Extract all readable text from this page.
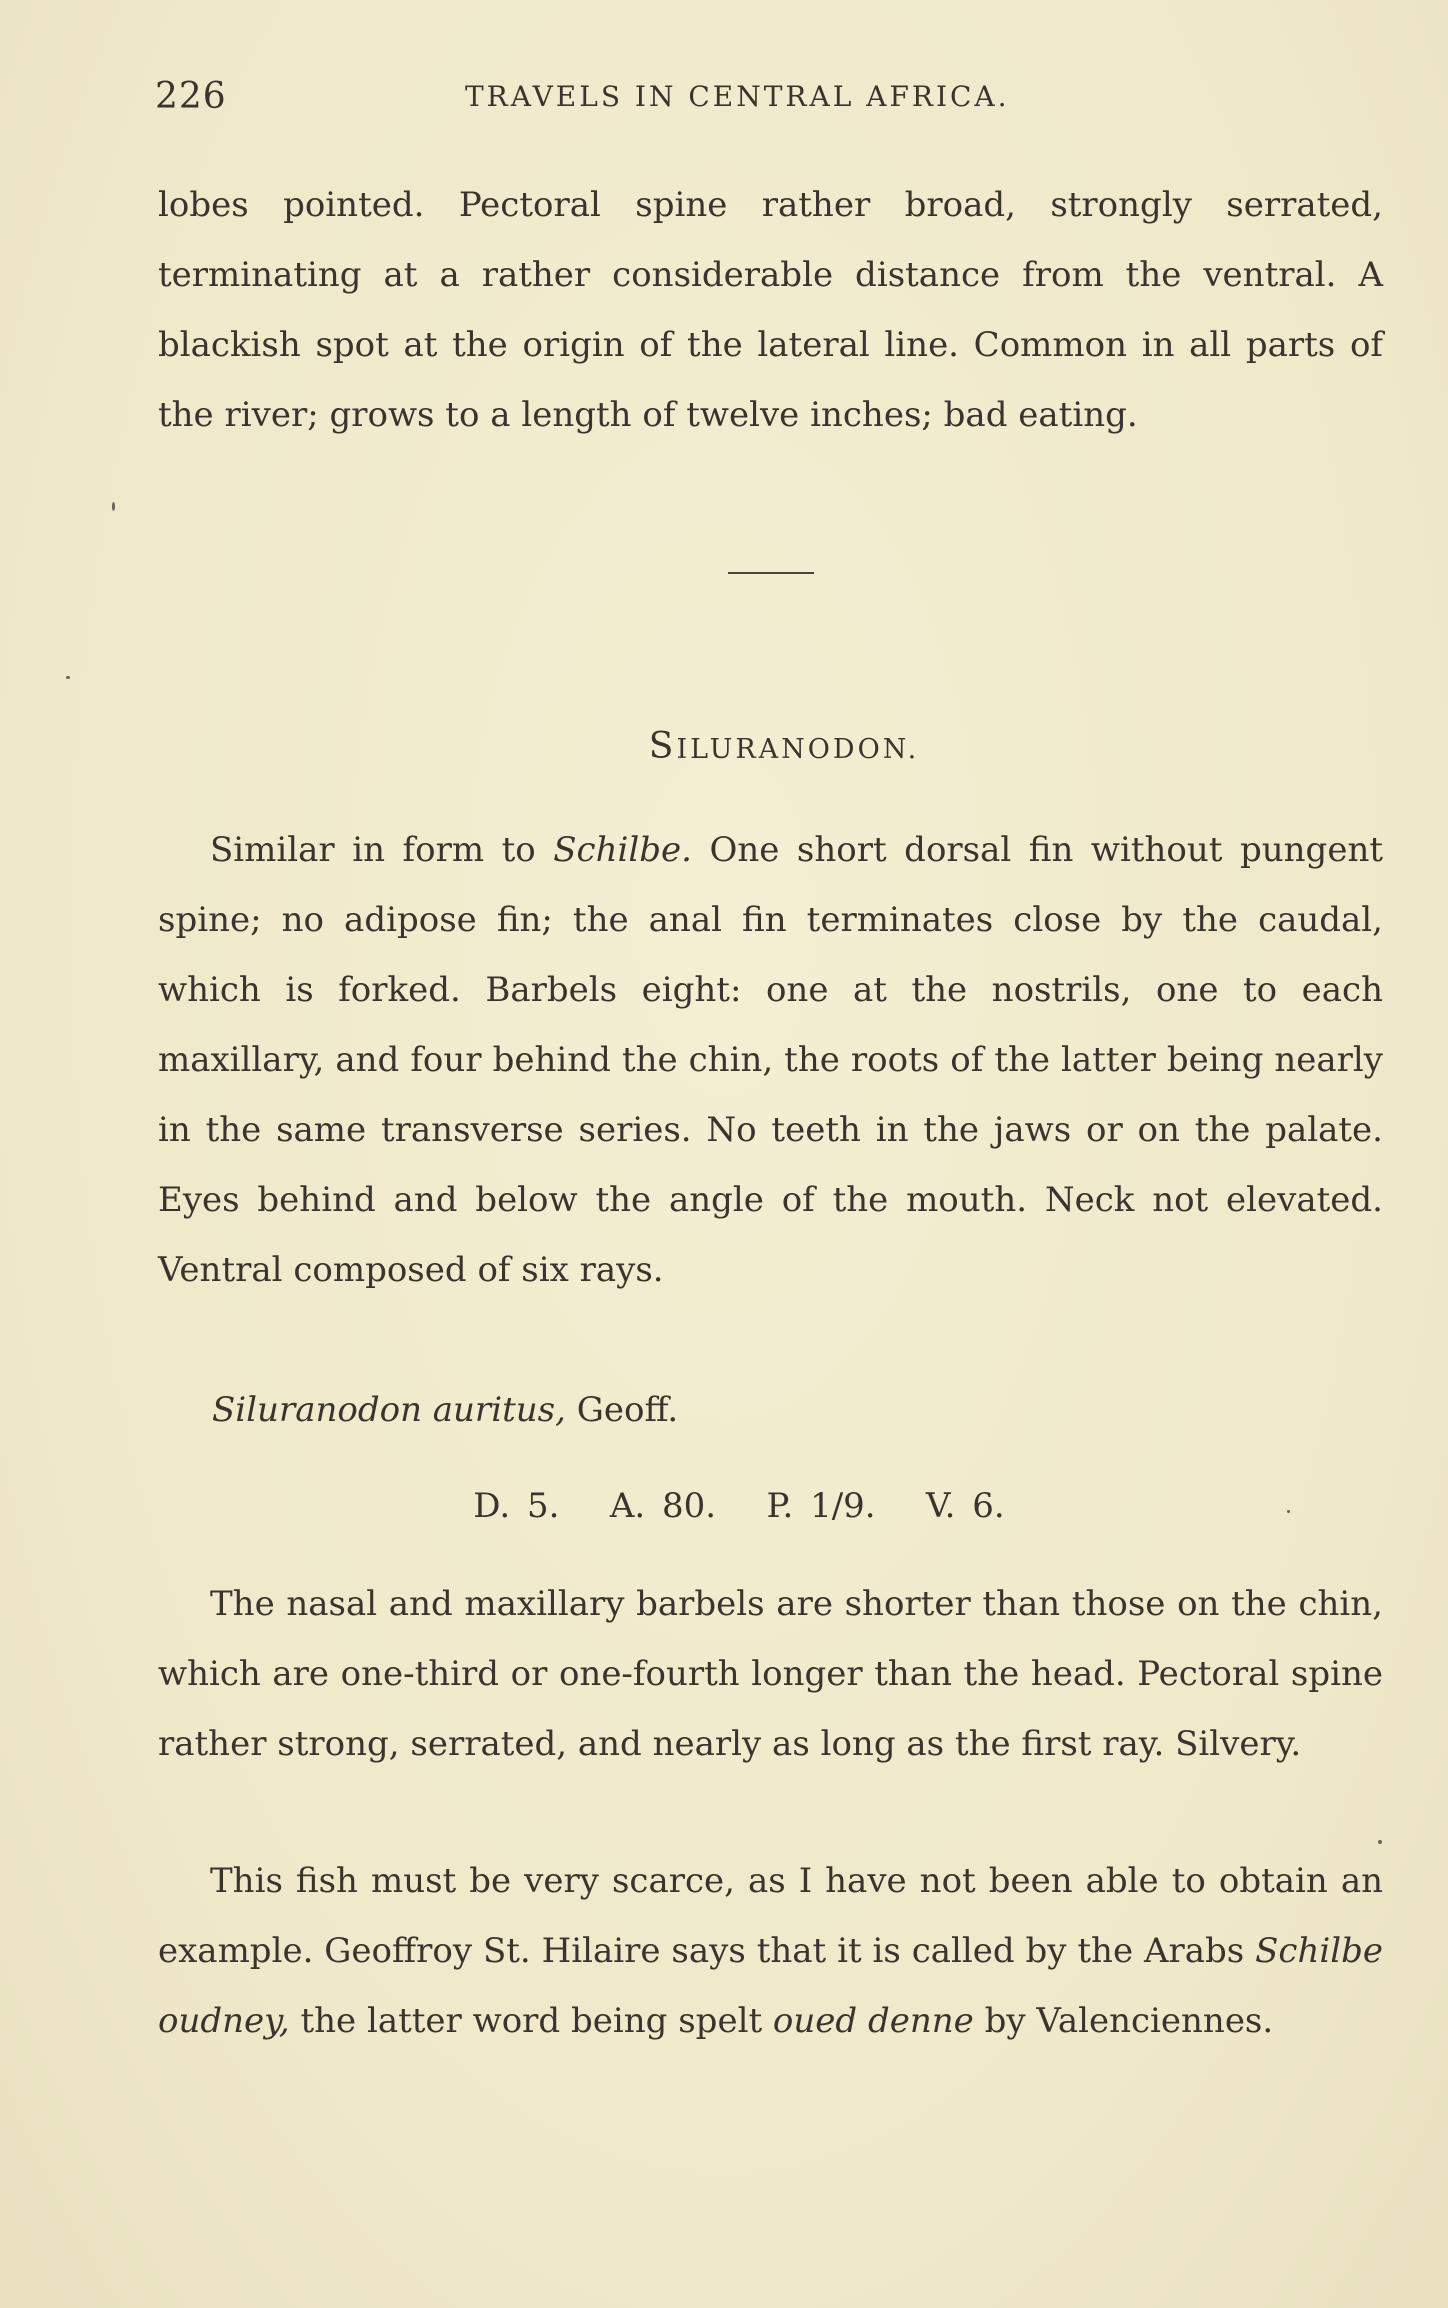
226	TRAVELS IN CENTRAL AFRICA.

lobes pointed. Pectoral spine rather broad, strongly serrated, terminating at a rather considerable distance from the ventral. A blackish spot at the origin of the lateral line. Common in all parts of the river; grows to a length of twelve inches; bad eating.

SILURANODON.

Similar in form to Schilbe. One short dorsal fin without pungent spine; no adipose fin; the anal fin terminates close by the caudal, which is forked. Barbels eight: one at the nostrils, one to each maxillary, and four behind the chin, the roots of the latter being nearly in the same transverse series. No teeth in the jaws or on the palate. Eyes behind and below the angle of the mouth. Neck not elevated. Ventral composed of six rays.

Siluranodon auritus, Geoff.
D. 5.   A. 80.   P. 1/9.   V. 6.

The nasal and maxillary barbels are shorter than those on the chin, which are one-third or one-fourth longer than the head. Pectoral spine rather strong, serrated, and nearly as long as the first ray. Silvery.

This fish must be very scarce, as I have not been able to obtain an example. Geoffroy St. Hilaire says that it is called by the Arabs Schilbe oudney, the latter word being spelt oued denne by Valenciennes.
